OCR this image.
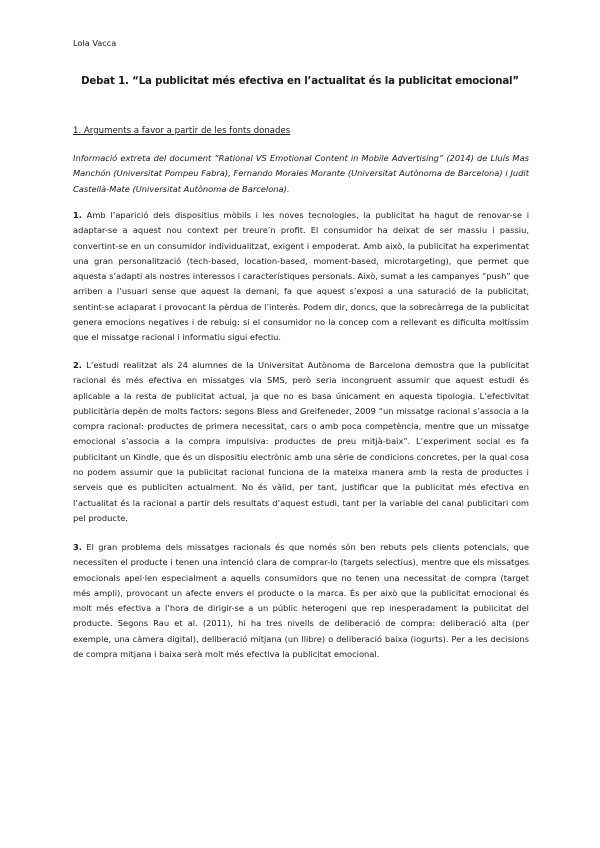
Lola Vacca
Debat 1. “La publicitat més efectiva en l’actualitat és la publicitat emocional”
1. Arguments a favor a partir de les fonts donades
Informació extreta del document “Rational VS Emotional Content in Mobile Advertising” (2014) de Lluís Mas Manchón (Universitat Pompeu Fabra), Fernando Morales Morante (Universitat Autònoma de Barcelona) i Judit Castellà-Mate (Universitat Autònoma de Barcelona).

1. Amb l’aparició dels dispositius mòbils i les noves tecnologies, la publicitat ha hagut de renovar-se i adaptar-se a aquest nou context per treure’n profit. El consumidor ha deixat de ser massiu i passiu, convertint-se en un consumidor individualitzat, exigent i empoderat. Amb això, la publicitat ha experimentat una gran personalització (tech-based, location-based, moment-based, microtargeting), que permet que aquesta s’adapti als nostres interessos i característiques personals. Això, sumat a les campanyes “push” que arriben a l’usuari sense que aquest la demani, fa que aquest s’exposi a una saturació de la publicitat, sentint-se aclaparat i provocant la pèrdua de l’interès. Podem dir, doncs, que la sobrecàrrega de la publicitat genera emocions negatives i de rebuig: si el consumidor no la concep com a rellevant es dificulta moltíssim que el missatge racional i informatiu sigui efectiu.

2. L’estudi realitzat als 24 alumnes de la Universitat Autònoma de Barcelona demostra que la publicitat racional és més efectiva en missatges via SMS, però seria incongruent assumir que aquest estudi és aplicable a la resta de publicitat actual, ja que no es basa únicament en aquesta tipologia. L’efectivitat publicitària depèn de molts factors: segons Bless and Greifeneder, 2009 “un missatge racional s’associa a la compra racional: productes de primera necessitat, cars o amb poca competència, mentre que un missatge emocional s’associa a la compra impulsiva: productes de preu mitjà-baix”. L’experiment social es fa publicitant un Kindle, que és un dispositiu electrònic amb una sèrie de condicions concretes, per la qual cosa no podem assumir que la publicitat racional funciona de la mateixa manera amb la resta de productes i serveis que es publiciten actualment. No és vàlid, per tant, justificar que la publicitat més efectiva en l’actualitat és la racional a partir dels resultats d’aquest estudi, tant per la variable del canal publicitari com pel producte.

3. El gran problema dels missatges racionals és que només són ben rebuts pels clients potencials, que necessiten el producte i tenen una intenció clara de comprar-lo (targets selectius), mentre que els missatges emocionals apel·len especialment a aquells consumidors que no tenen una necessitat de compra (target més ampli), provocant un afecte envers el producte o la marca. És per això que la publicitat emocional és molt més efectiva a l’hora de dirigir-se a un públic heterogeni que rep inesperadament la publicitat del producte. Segons Rau et al. (2011), hi ha tres nivells de deliberació de compra: deliberació alta (per exemple, una càmera digital), deliberació mitjana (un llibre) o deliberació baixa (iogurts). Per a les decisions de compra mitjana i baixa serà molt més efectiva la publicitat emocional.
